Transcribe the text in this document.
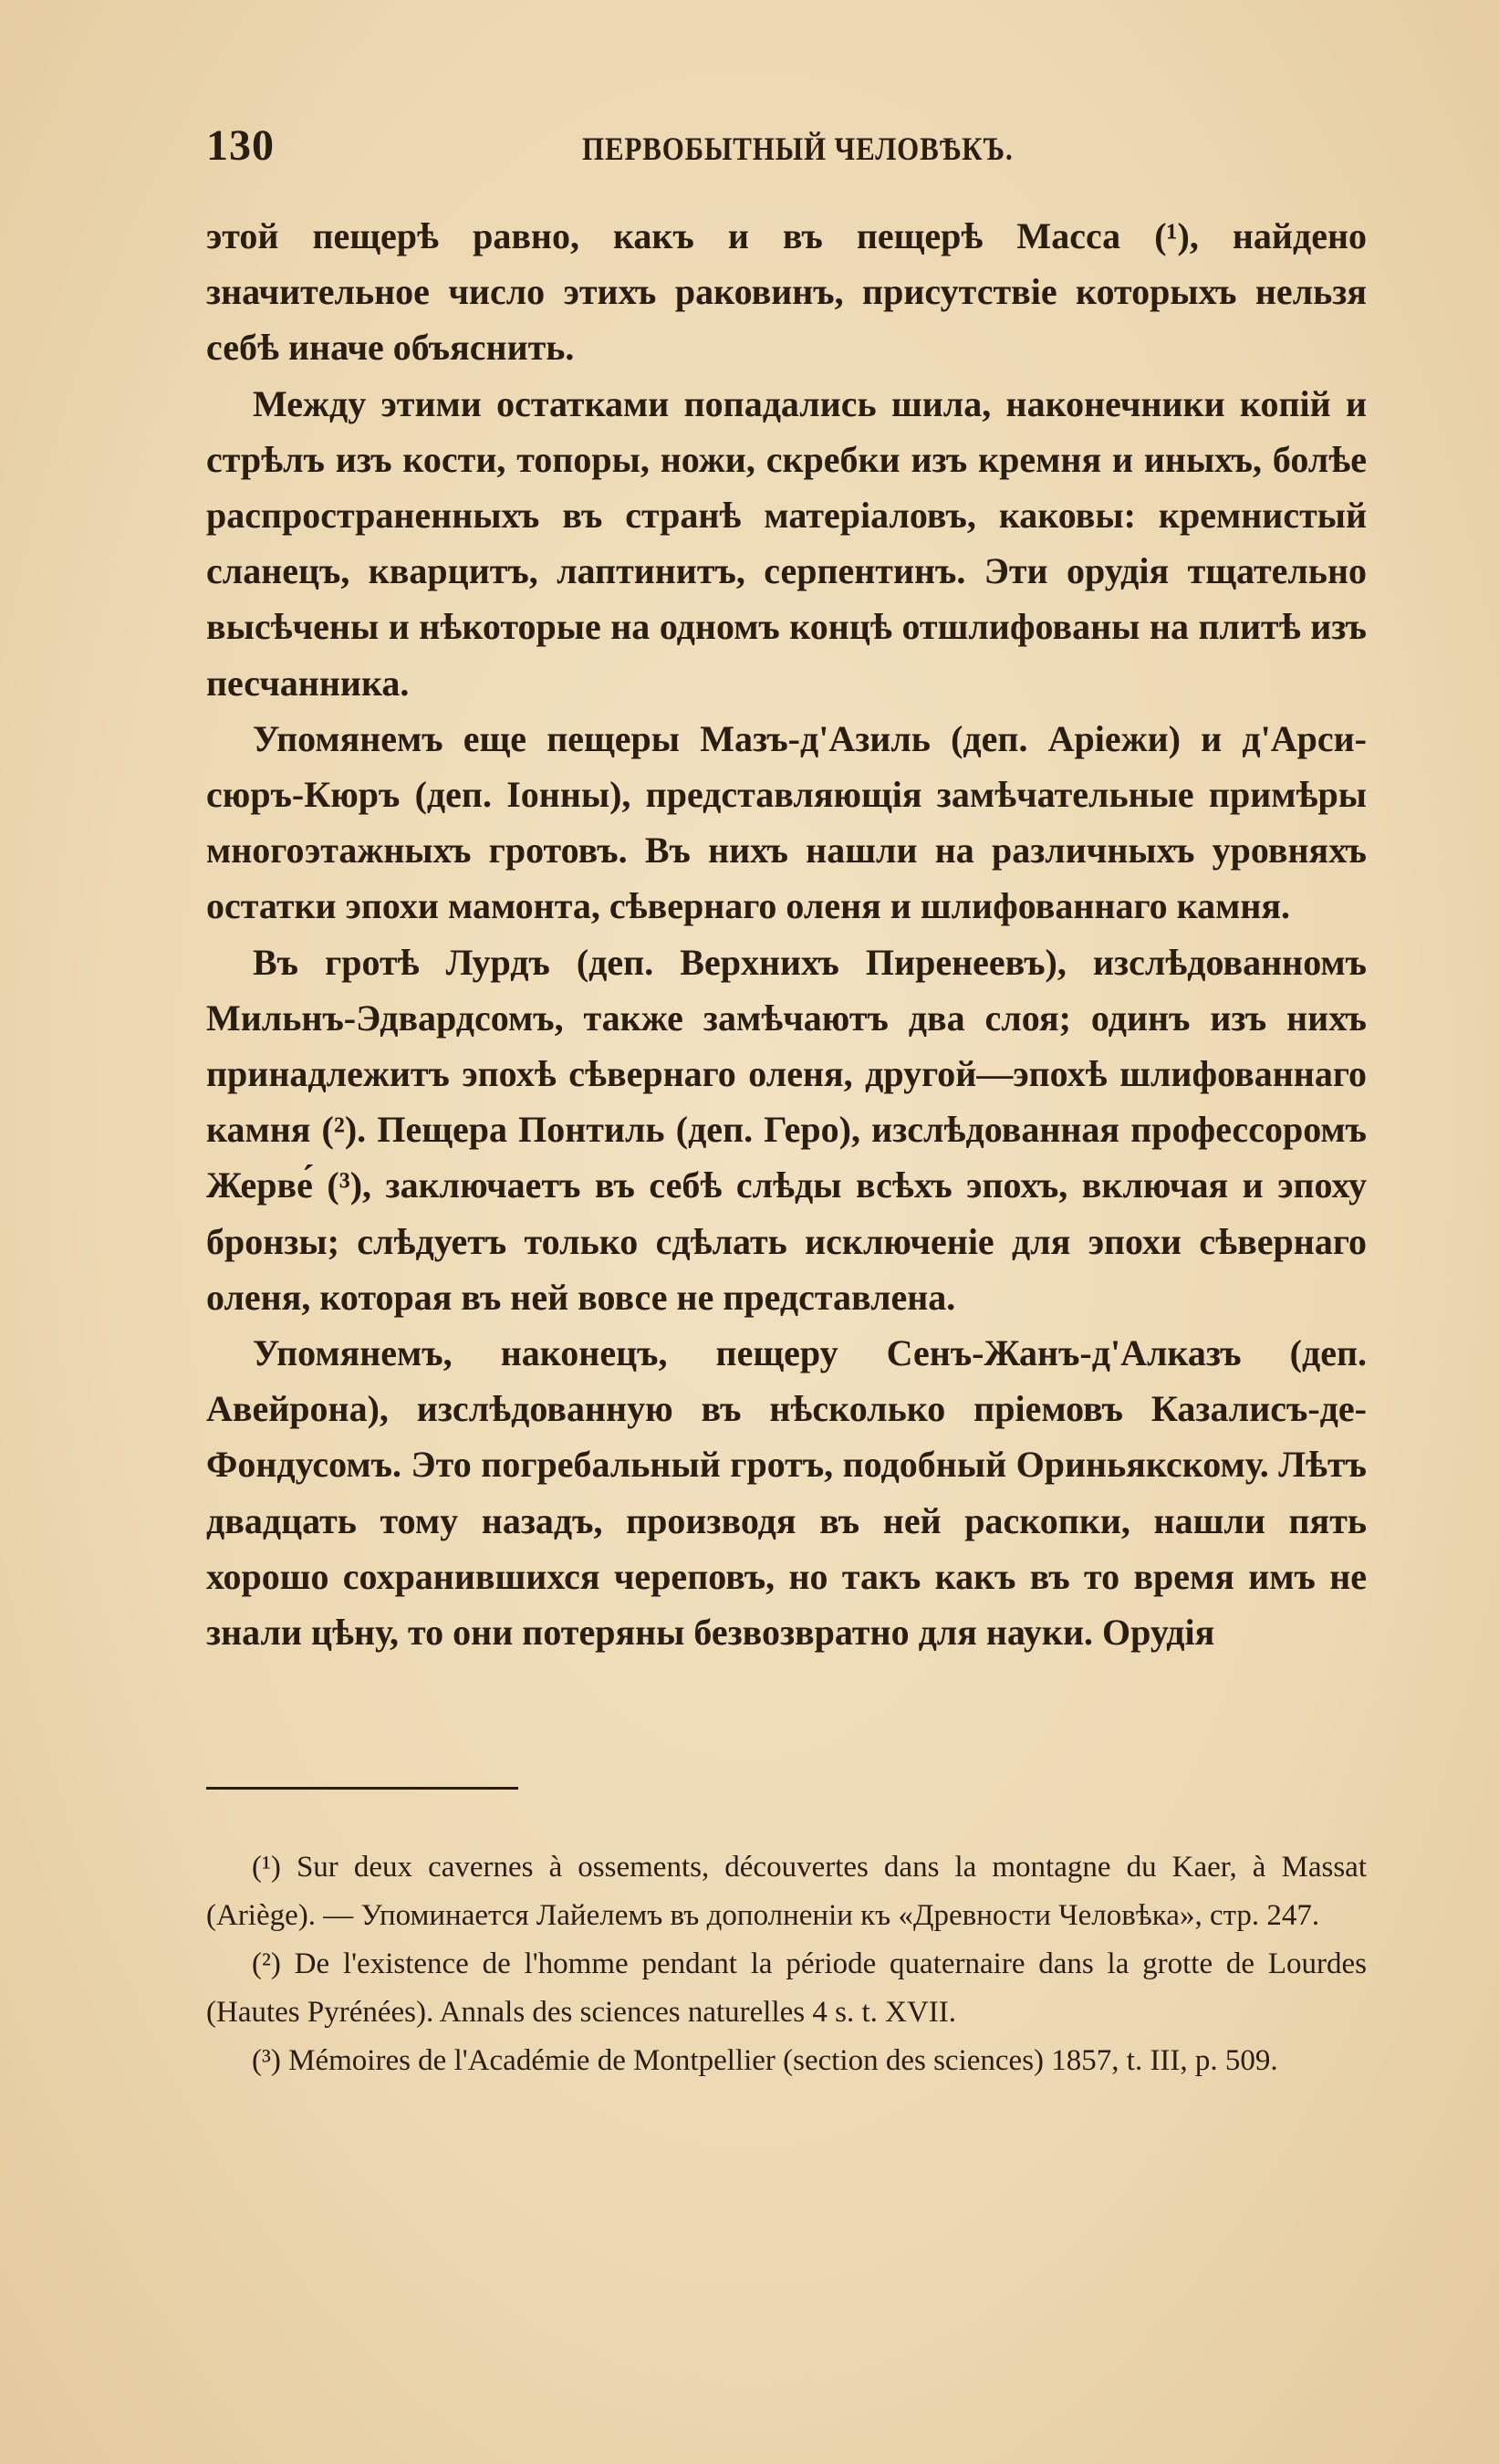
130	ПЕРВОБЫТНЫЙ ЧЕЛОВѢКЪ.

этой пещерѣ равно, какъ и въ пещерѣ Масса (¹), найдено значительное число этихъ раковинъ, присутствіе которыхъ нельзя себѣ иначе объяснить.

Между этими остатками попадались шила, наконечники копій и стрѣлъ изъ кости, топоры, ножи, скребки изъ кремня и иныхъ, болѣе распространенныхъ въ странѣ матеріаловъ, каковы: кремнистый сланецъ, кварцитъ, лаптинитъ, серпентинъ. Эти орудія тщательно высѣчены и нѣкоторые на одномъ концѣ отшлифованы на плитѣ изъ песчанника.

Упомянемъ еще пещеры Мазъ-д'Азиль (деп. Аріежи) и д'Арси-сюръ-Кюръ (деп. Іонны), представляющія замѣчательные примѣры многоэтажныхъ гротовъ. Въ нихъ нашли на различныхъ уровняхъ остатки эпохи мамонта, сѣвернаго оленя и шлифованнаго камня.

Въ гротѣ Лурдъ (деп. Верхнихъ Пиренеевъ), изслѣдованномъ Мильнъ-Эдвардсомъ, также замѣчаютъ два слоя; одинъ изъ нихъ принадлежитъ эпохѣ сѣвернаго оленя, другой—эпохѣ шлифованнаго камня (²). Пещера Понтиль (деп. Геро), изслѣдованная профессоромъ Жерве́ (³), заключаетъ въ себѣ слѣды всѣхъ эпохъ, включая и эпоху бронзы; слѣдуетъ только сдѣлать исключеніе для эпохи сѣвернаго оленя, которая въ ней вовсе не представлена.

Упомянемъ, наконецъ, пещеру Сенъ-Жанъ-д'Алказъ (деп. Авейрона), изслѣдованную въ нѣсколько пріемовъ Казалисъ-де-Фондусомъ. Это погребальный гротъ, подобный Ориньякскому. Лѣтъ двадцать тому назадъ, производя въ ней раскопки, нашли пять хорошо сохранившихся череповъ, но такъ какъ въ то время имъ не знали цѣну, то они потеряны безвозвратно для науки. Орудія

(¹) Sur deux cavernes à ossements, découvertes dans la montagne du Kaer, à Massat (Ariège). — Упоминается Лайелемъ въ дополненіи къ «Древности Человѣка», стр. 247.

(²) De l'existence de l'homme pendant la période quaternaire dans la grotte de Lourdes (Hautes Pyrénées). Annals des sciences naturelles 4 s. t. XVII.

(³) Mémoires de l'Académie de Montpellier (section des sciences) 1857, t. III, p. 509.
